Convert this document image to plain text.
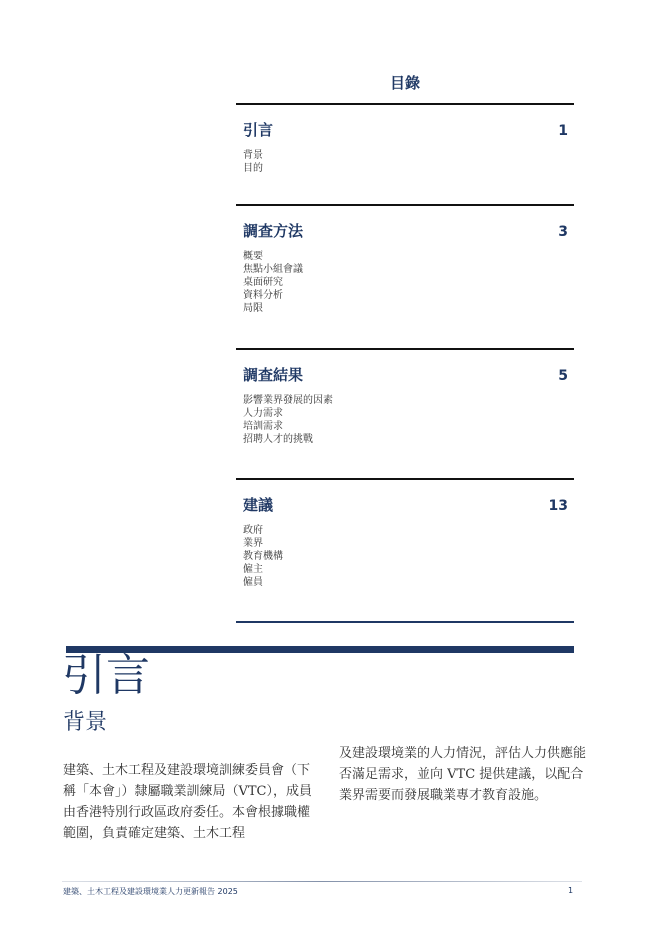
目錄
引言	1
背景
目的
調查方法	3
概要
焦點小組會議
桌面研究
資料分析
局限
調查結果	5
影響業界發展的因素
人力需求
培訓需求
招聘人才的挑戰
建議	13
政府
業界
教育機構
僱主
僱員
引言
背景
建築、土木工程及建設環境訓練委員會（下稱「本會」）隸屬職業訓練局（VTC），成員由香港特別行政區政府委任。本會根據職權範圍，負責確定建築、土木工程
及建設環境業的人力情況，評估人力供應能否滿足需求，並向 VTC 提供建議，以配合業界需要而發展職業專才教育設施。
建築、土木工程及建設環境業人力更新報告 2025	1
